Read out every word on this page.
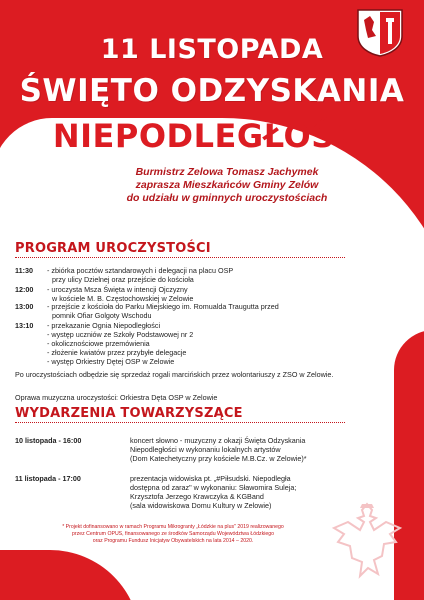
11 LISTOPADA
ŚWIĘTO ODZYSKANIA
NIEPODLEGŁOŚCI
Burmistrz Zelowa Tomasz Jachymek
zaprasza Mieszkańców Gminy Zelów
do udziału w gminnych uroczystościach
PROGRAM UROCZYSTOŚCI
11:30	- zbiórka pocztów sztandarowych i delegacji na placu OSP
przy ulicy Dzielnej oraz przejście do kościoła
12:00	- uroczysta Msza Święta w intencji Ojczyzny
w kościele M. B. Częstochowskiej w Zelowie
13:00	- przejście z kościoła do Parku Miejskiego im. Romualda Traugutta przed
pomnik Ofiar Golgoty Wschodu
13:10	- przekazanie Ognia Niepodległości
- występ uczniów ze Szkoły Podstawowej nr 2
- okolicznościowe przemówienia
- złożenie kwiatów przez przybyłe delegacje
- występ Orkiestry Dętej OSP w Zelowie
Po uroczystościach odbędzie się sprzedaż rogali marcińskich przez wolontariuszy z ZSO w Zelowie.
Oprawa muzyczna uroczystości: Orkiestra Dęta OSP w Zelowie
WYDARZENIA TOWARZYSZĄCE
10 listopada - 16:00	koncert słowno - muzyczny z okazji Święta Odzyskania
Niepodległości w wykonaniu lokalnych artystów
(Dom Katechetyczny przy kościele M.B.Cz. w Zelowie)*
11 listopada - 17:00	prezentacja widowiska pt. „#Piłsudski. Niepodległa
dostępna od zaraz" w wykonaniu: Sławomira Suleja;
Krzysztofa Jerzego Krawczyka & KGBand
(sala widowiskowa Domu Kultury w Zelowie)
* Projekt dofinansowano w ramach Programu Mikrogranty „Łódzkie na plus" 2019 realizowanego
przez Centrum OPUS, finansowanego ze środków Samorządu Województwa Łódzkiego
oraz Programu Fundusz Inicjatyw Obywatelskich na lata 2014 – 2020.
